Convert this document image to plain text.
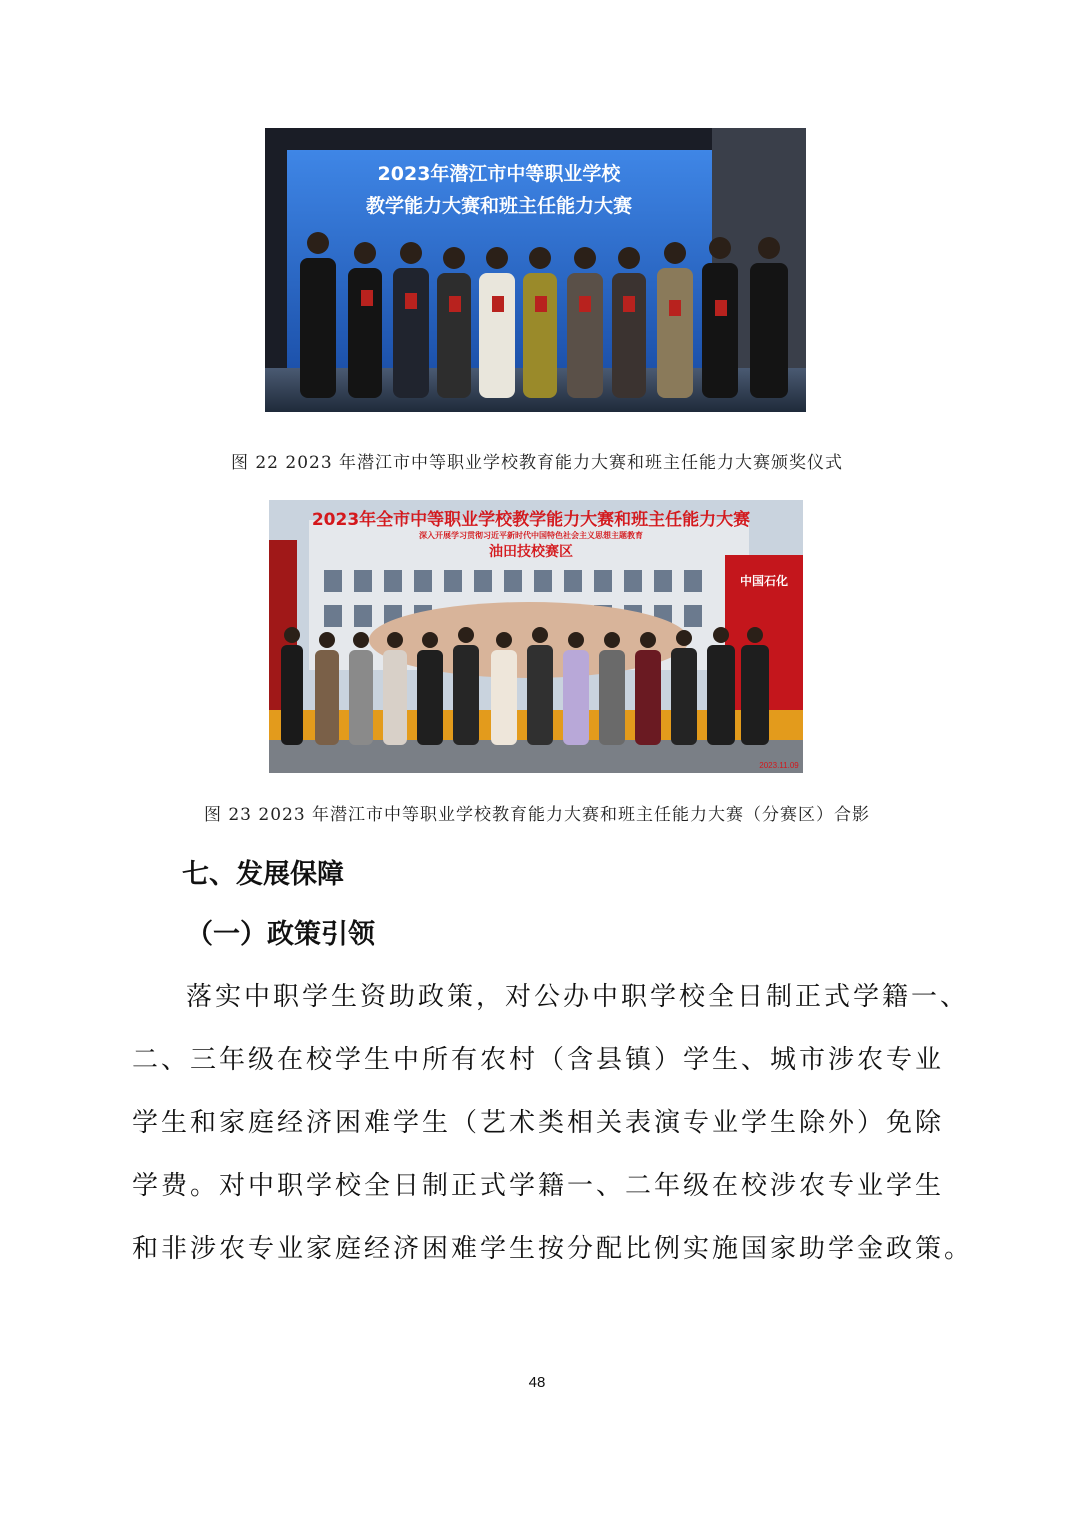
2023年潜江市中等职业学校
教学能力大赛和班主任能力大赛
图 22 2023 年潜江市中等职业学校教育能力大赛和班主任能力大赛颁奖仪式
中国石化
2023年全市中等职业学校教学能力大赛和班主任能力大赛
深入开展学习贯彻习近平新时代中国特色社会主义思想主题教育
油田技校赛区
2023.11.09
图 23 2023 年潜江市中等职业学校教育能力大赛和班主任能力大赛（分赛区）合影
七、发展保障
（一）政策引领
落实中职学生资助政策，对公办中职学校全日制正式学籍一、
二、三年级在校学生中所有农村（含县镇）学生、城市涉农专业
学生和家庭经济困难学生（艺术类相关表演专业学生除外）免除
学费。对中职学校全日制正式学籍一、二年级在校涉农专业学生
和非涉农专业家庭经济困难学生按分配比例实施国家助学金政策。
48
